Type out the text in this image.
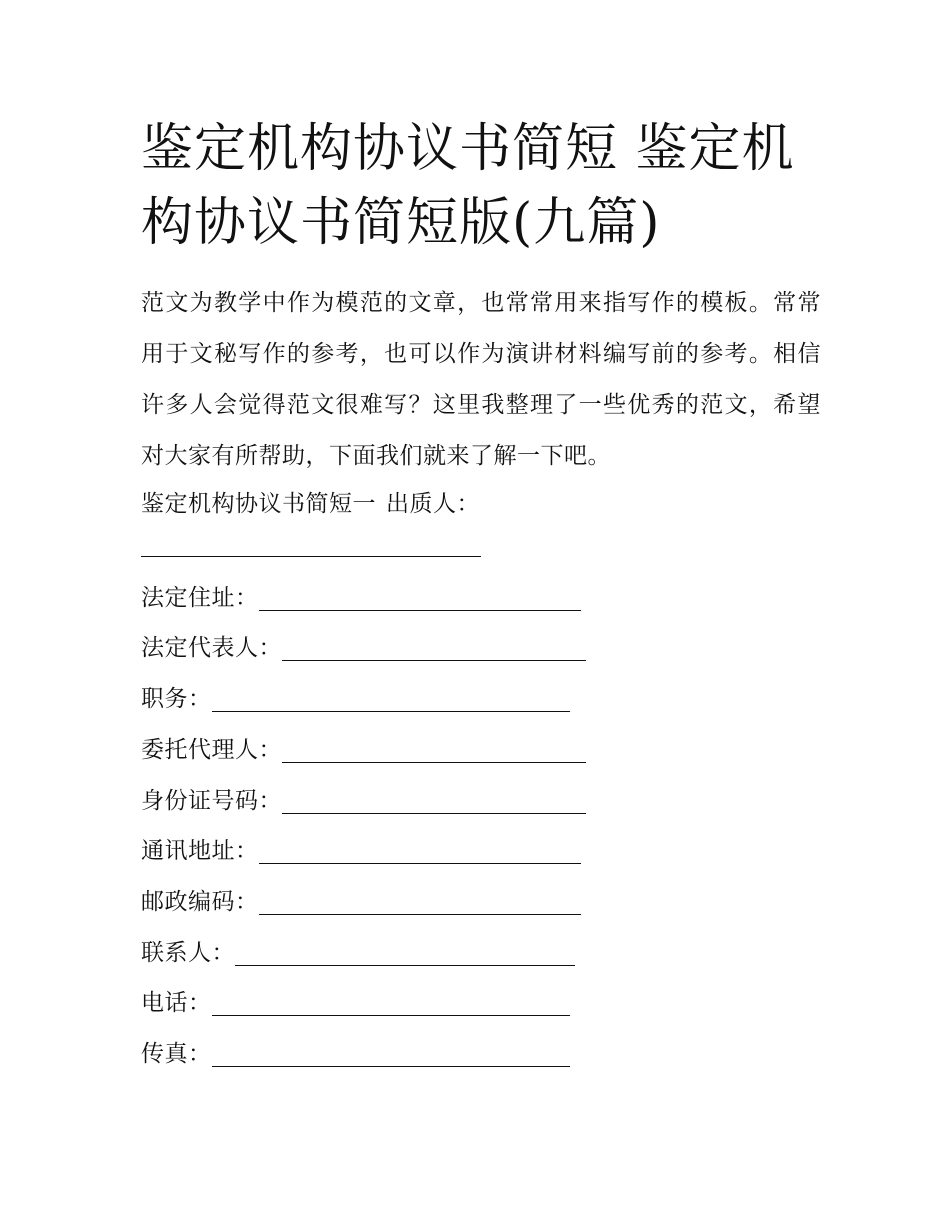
鉴定机构协议书简短 鉴定机构协议书简短版(九篇)

范文为教学中作为模范的文章，也常常用来指写作的模板。常常用于文秘写作的参考，也可以作为演讲材料编写前的参考。相信许多人会觉得范文很难写？这里我整理了一些优秀的范文，希望对大家有所帮助，下面我们就来了解一下吧。

鉴定机构协议书简短一 出质人：

法定住址：
法定代表人：
职务：
委托代理人：
身份证号码：
通讯地址：
邮政编码：
联系人：
电话：
传真：
